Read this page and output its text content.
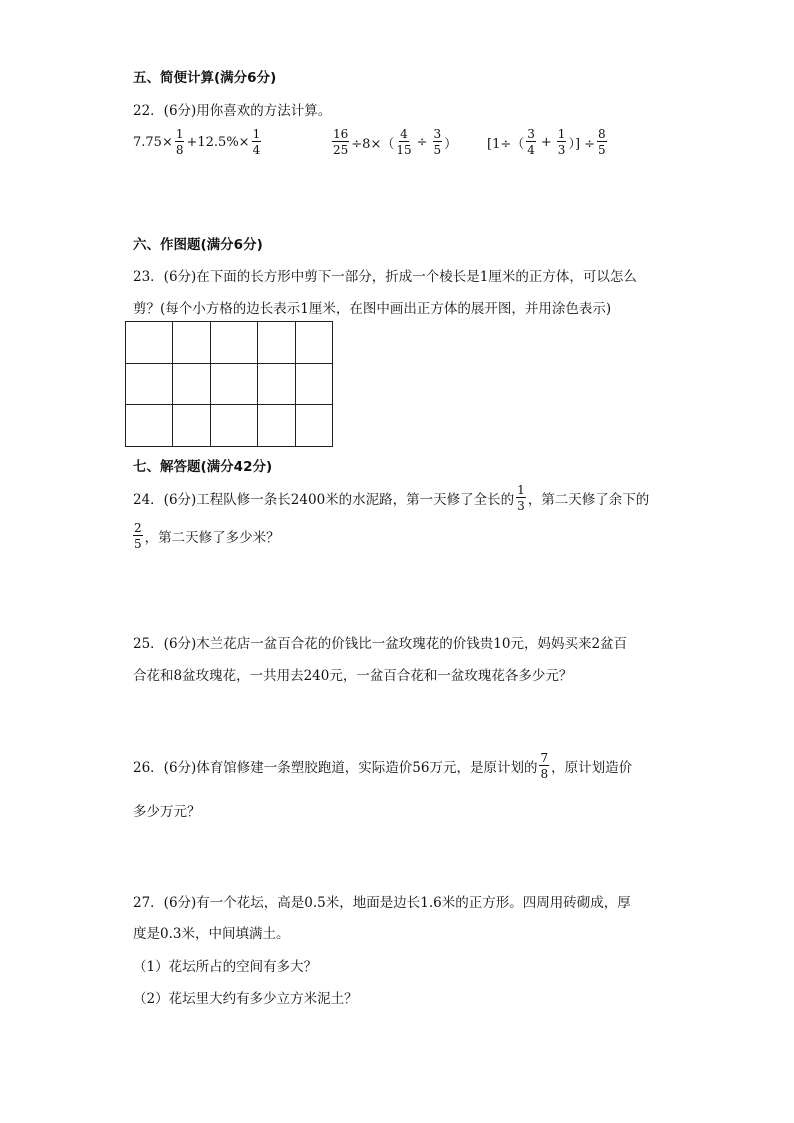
五、简便计算(满分6分)
22．(6分)用你喜欢的方法计算。
$7.75\times \frac{1}{8} +12.5\%\times \frac{1}{4}$	$\frac{16}{25} \div 8\times( \frac{4}{15} \div \frac{3}{5}$ ） [$1\div( \frac{3}{4} + \frac{1}{3}$ ）] ÷ $\frac{8}{5}$
六、作图题(满分6分)
23．(6分)在下面的长方形中剪下一部分，折成一个棱长是1厘米的正方体，可以怎么
剪？(每个小方格的边长表示1厘米，在图中画出正方体的展开图，并用涂色表示)

七、解答题(满分42分)
24．(6分)工程队修一条长2400米的水泥路，第一天修了全长的 $\frac{1}{3}$ ，第二天修了余下的
$\frac{2}{5}$ ，第二天修了多少米？
25．(6分)木兰花店一盆百合花的价钱比一盆玫瑰花的价钱贵10元，妈妈买来2盆百
合花和8盆玫瑰花，一共用去240元，一盆百合花和一盆玫瑰花各多少元？
26．(6分)体育馆修建一条塑胶跑道，实际造价56万元，是原计划的 $\frac{7}{8}$ ，原计划造价
多少万元？
27．(6分)有一个花坛，高是0.5米，地面是边长1.6米的正方形。四周用砖砌成，厚
度是0.3米，中间填满土。
（1）花坛所占的空间有多大？
（2）花坛里大约有多少立方米泥土？
